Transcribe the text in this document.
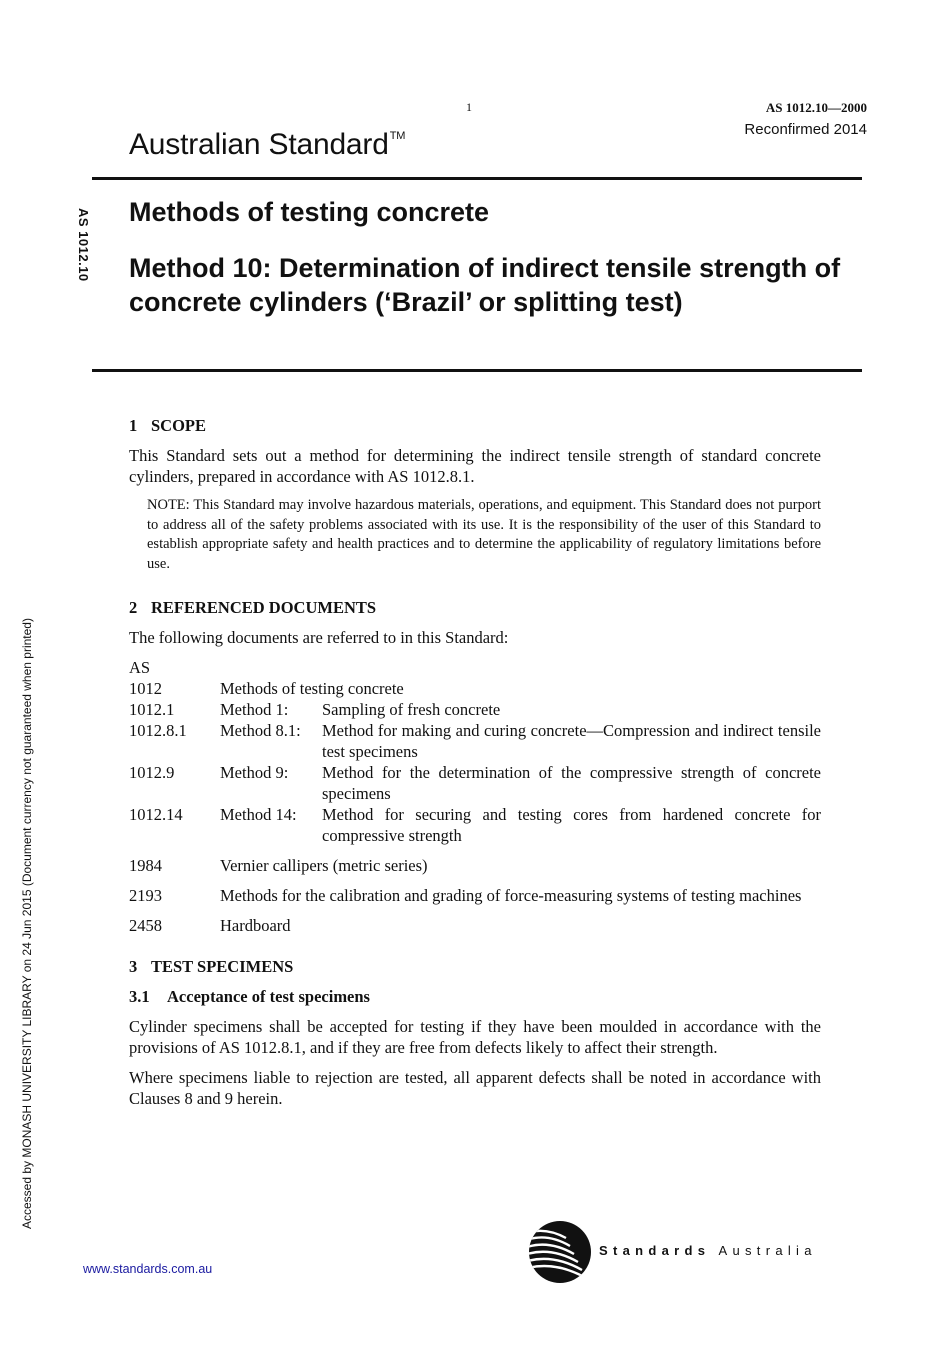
1	AS 1012.10—2000
Reconfirmed 2014
Australian Standard™
AS 1012.10
Accessed by MONASH UNIVERSITY LIBRARY on 24 Jun 2015 (Document currency not guaranteed when printed)
Methods of testing concrete
Method 10: Determination of indirect tensile strength of concrete cylinders (‘Brazil’ or splitting test)
1 SCOPE

This Standard sets out a method for determining the indirect tensile strength of standard concrete cylinders, prepared in accordance with AS 1012.8.1.

NOTE: This Standard may involve hazardous materials, operations, and equipment. This Standard does not purport to address all of the safety problems associated with its use. It is the responsibility of the user of this Standard to establish appropriate safety and health practices and to determine the applicability of regulatory limitations before use.

2 REFERENCED DOCUMENTS

The following documents are referred to in this Standard:

AS
1012	Methods of testing concrete
1012.1	Method 1:	Sampling of fresh concrete
1012.8.1	Method 8.1:	Method for making and curing concrete—Compression and indirect tensile test specimens
1012.9	Method 9:	Method for the determination of the compressive strength of concrete specimens
1012.14	Method 14:	Method for securing and testing cores from hardened concrete for compressive strength
1984	Vernier callipers (metric series)
2193	Methods for the calibration and grading of force-measuring systems of testing machines
2458	Hardboard
3 TEST SPECIMENS
3.1 Acceptance of test specimens

Cylinder specimens shall be accepted for testing if they have been moulded in accordance with the provisions of AS 1012.8.1, and if they are free from defects likely to affect their strength.

Where specimens liable to rejection are tested, all apparent defects shall be noted in accordance with Clauses 8 and 9 herein.

www.standards.com.au
Standards Australia
